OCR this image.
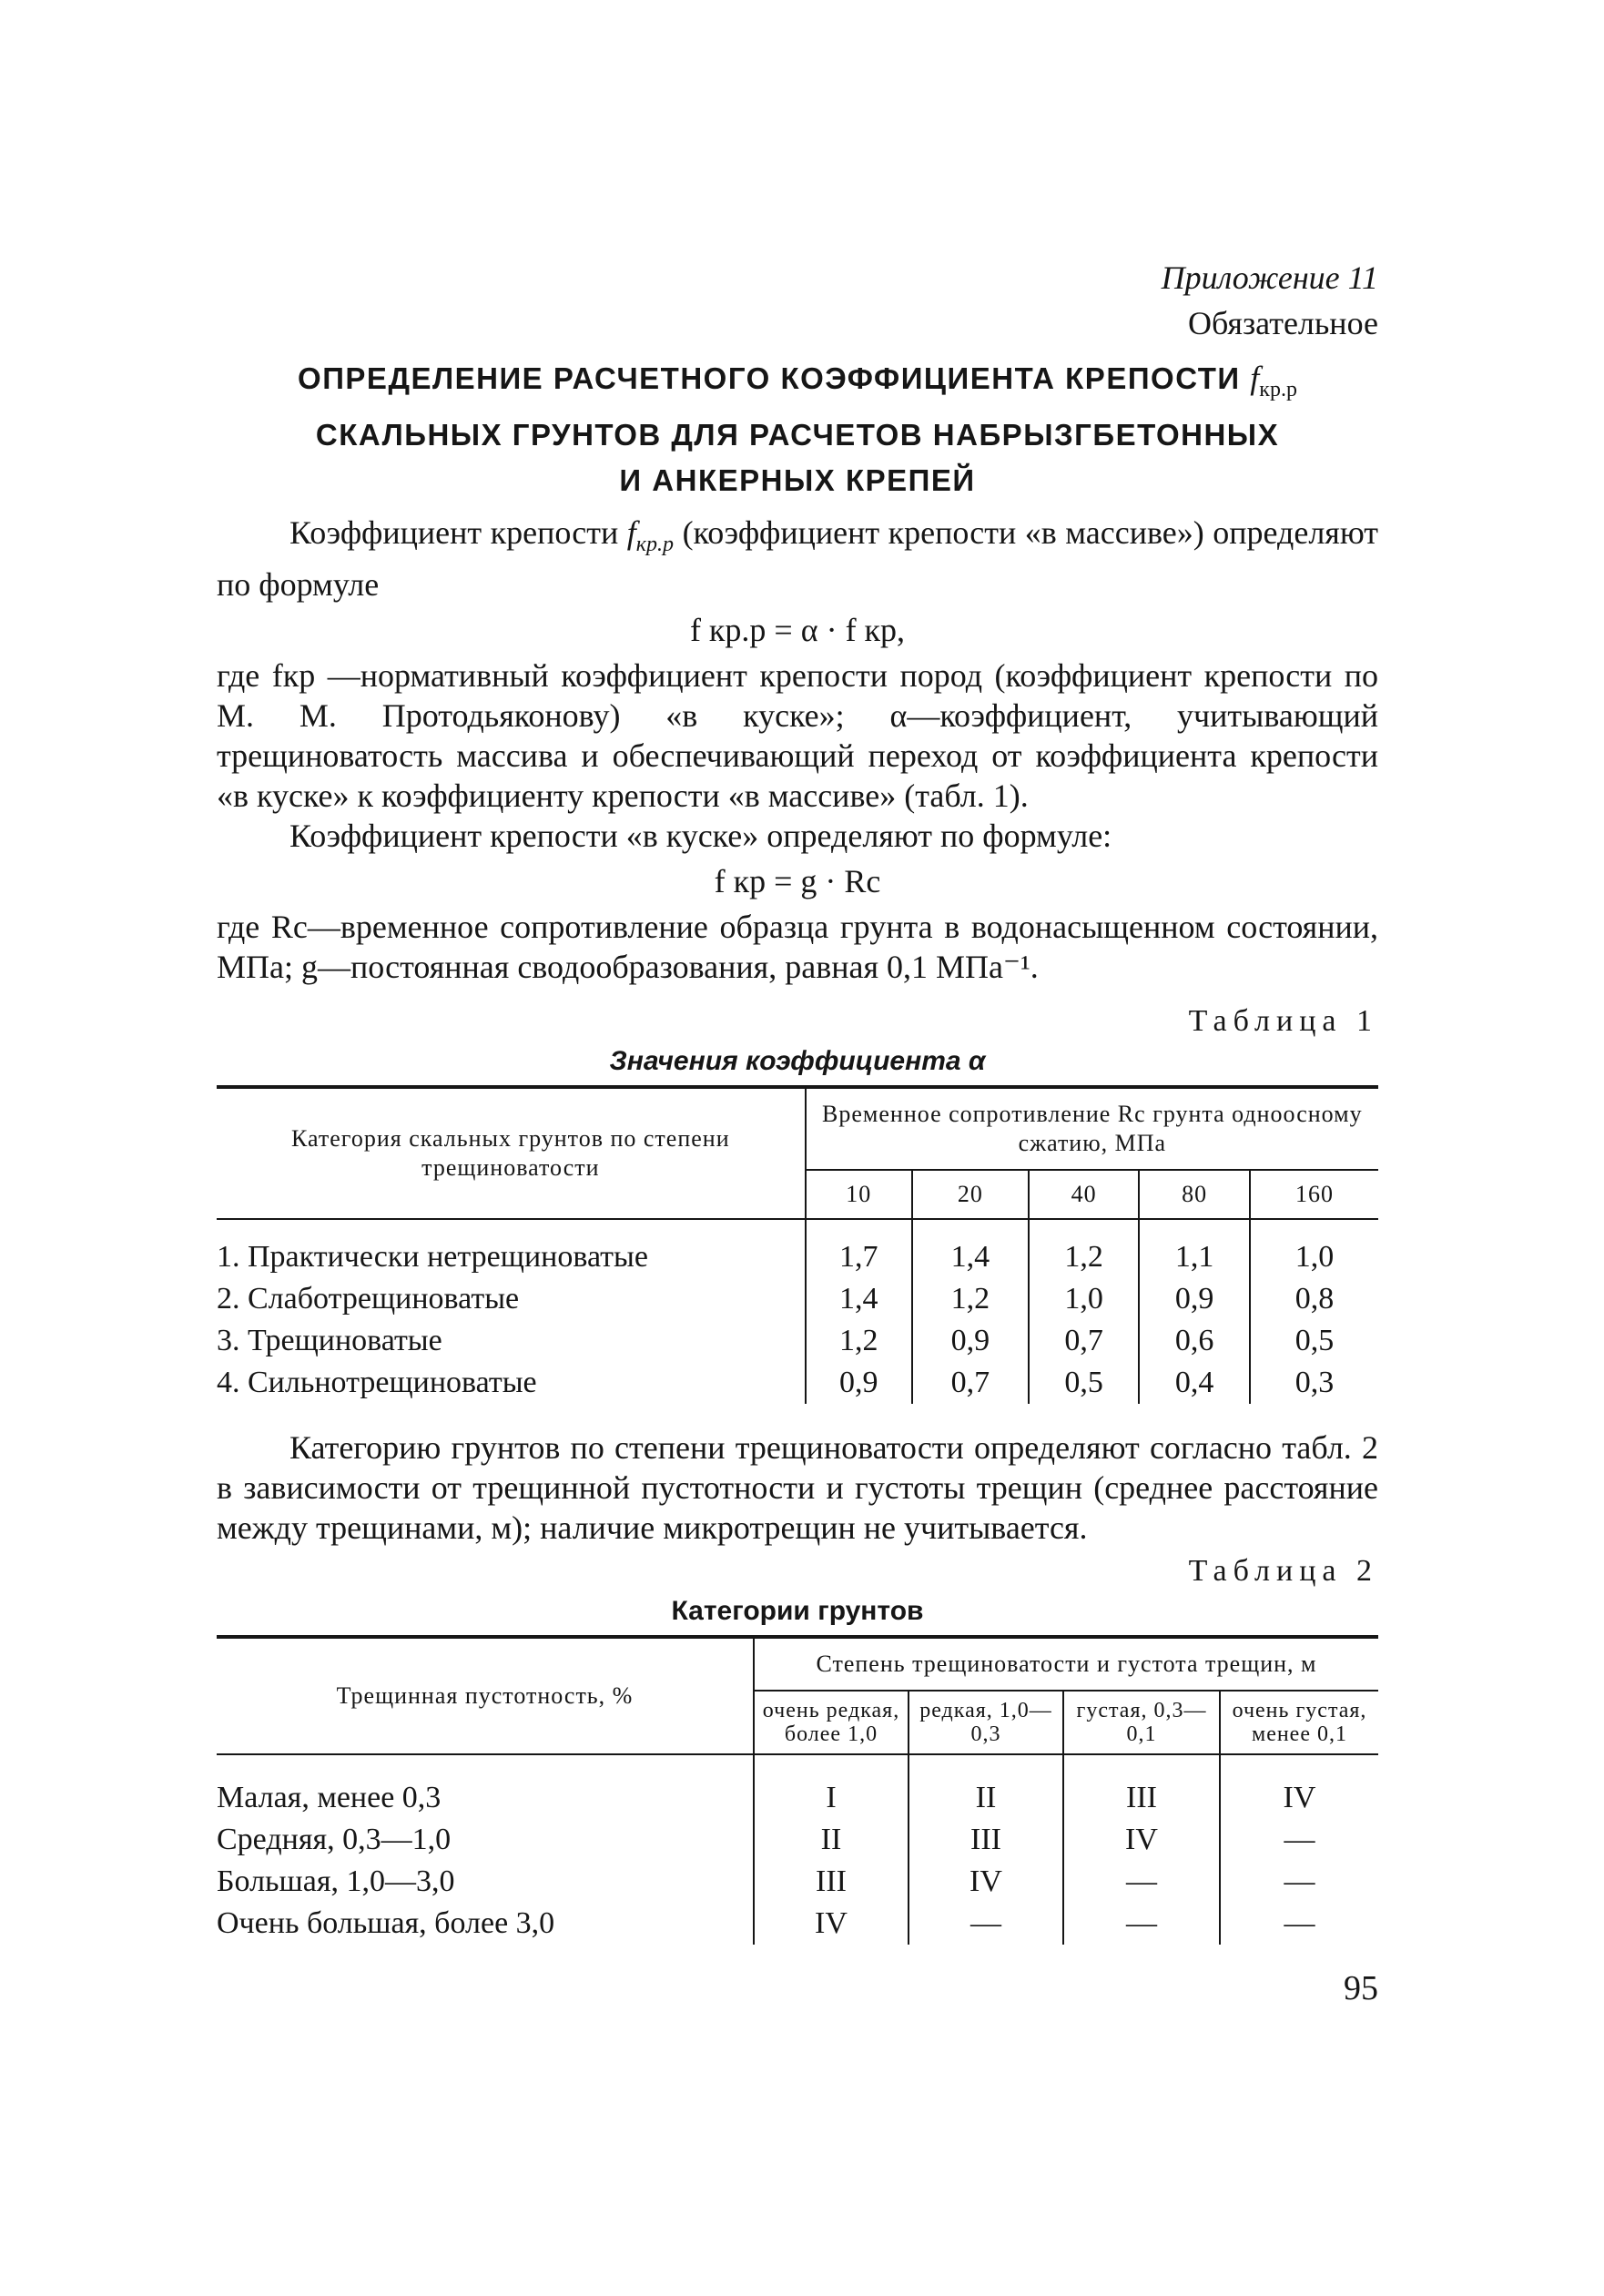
Приложение 11
Обязательное
ОПРЕДЕЛЕНИЕ РАСЧЕТНОГО КОЭФФИЦИЕНТА КРЕПОСТИ $f_{кр.р}$
СКАЛЬНЫХ ГРУНТОВ ДЛЯ РАСЧЕТОВ НАБРЫЗГБЕТОННЫХ
И АНКЕРНЫХ КРЕПЕЙ

Коэффициент крепости $f_{кр.р}$ (коэффициент крепости «в массиве») определяют по формуле

f кр.р = α · f кр,

где fкр —нормативный коэффициент крепости пород (коэффициент крепости по М. М. Протодьяконову) «в куске»; α—коэффициент, учитывающий трещиноватость массива и обеспечивающий переход от коэффициента крепости «в куске» к коэффициенту крепости «в массиве» (табл. 1).

Коэффициент крепости «в куске» определяют по формуле:

f кр = g · Rc

где Rc—временное сопротивление образца грунта в водонасыщенном состоянии, МПа; g—постоянная сводообразования, равная 0,1 МПа⁻¹.

Таблица 1
Значения коэффициента α
Категория скальных грунтов по степени трещиноватости	Временное сопротивление Rc грунта одноосному сжатию, МПа				
	10	20	40	80	160
1. Практически нетрещиноватые	1,7	1,4	1,2	1,1	1,0
2. Слаботрещиноватые	1,4	1,2	1,0	0,9	0,8
3. Трещиноватые	1,2	0,9	0,7	0,6	0,5
4. Сильнотрещиноватые	0,9	0,7	0,5	0,4	0,3

Категорию грунтов по степени трещиноватости определяют согласно табл. 2 в зависимости от трещинной пустотности и густоты трещин (среднее расстояние между трещинами, м); наличие микротрещин не учитывается.

Таблица 2
Категории грунтов
Трещинная пустотность, %	Степень трещиноватости и густота трещин, м			
	очень редкая, более 1,0	редкая, 1,0—0,3	густая, 0,3—0,1	очень густая, менее 0,1
Малая, менее 0,3	I	II	III	IV
Средняя, 0,3—1,0	II	III	IV	—
Большая, 1,0—3,0	III	IV	—	—
Очень большая, более 3,0	IV	—	—	—
95
